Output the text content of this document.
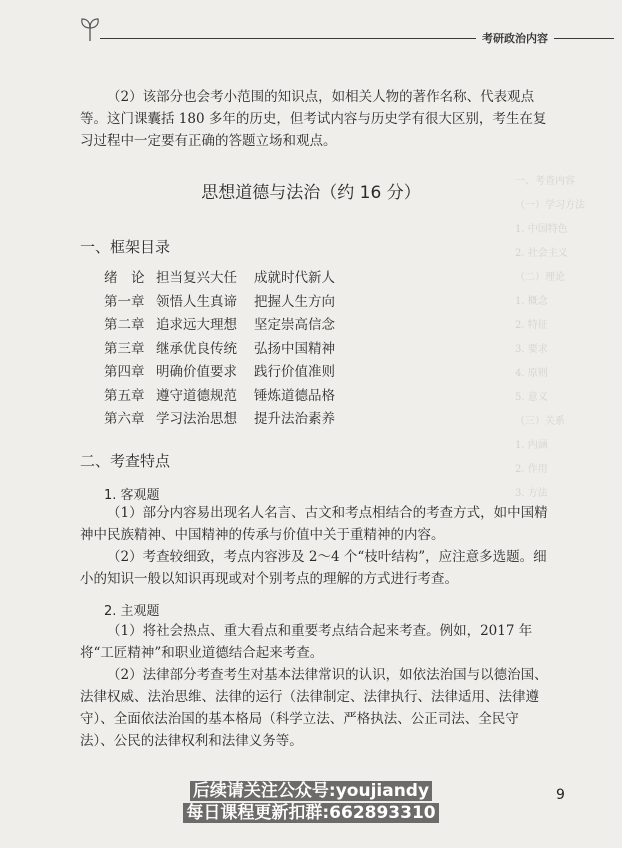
考研政治内容
一、考查内容
（一）学习方法
1. 中国特色
2. 社会主义
（二）理论
1. 概念
2. 特征
3. 要求
4. 原则
5. 意义
（三）关系
1. 内涵
2. 作用
3. 方法

（2）该部分也会考小范围的知识点，如相关人物的著作名称、代表观点等。这门课囊括 180 多年的历史，但考试内容与历史学有很大区别，考生在复习过程中一定要有正确的答题立场和观点。

思想道德与法治（约 16 分）
一、框架目录
绪　论 担当复兴大任 成就时代新人
第一章 领悟人生真谛 把握人生方向
第二章 追求远大理想 坚定崇高信念
第三章 继承优良传统 弘扬中国精神
第四章 明确价值要求 践行价值准则
第五章 遵守道德规范 锤炼道德品格
第六章 学习法治思想 提升法治素养
二、考查特点
1. 客观题

（1）部分内容易出现名人名言、古文和考点相结合的考查方式，如中国精神中民族精神、中国精神的传承与价值中关于重精神的内容。

（2）考查较细致，考点内容涉及 2～4 个“枝叶结构”，应注意多选题。细小的知识一般以知识再现或对个别考点的理解的方式进行考查。

2. 主观题

（1）将社会热点、重大看点和重要考点结合起来考查。例如，2017 年将“工匠精神”和职业道德结合起来考查。

（2）法律部分考查考生对基本法律常识的认识，如依法治国与以德治国、法律权威、法治思维、法律的运行（法律制定、法律执行、法律适用、法律遵守）、全面依法治国的基本格局（科学立法、严格执法、公正司法、全民守法）、公民的法律权利和法律义务等。

9
后续请关注公众号:youjiandy
每日课程更新扣群:662893310
